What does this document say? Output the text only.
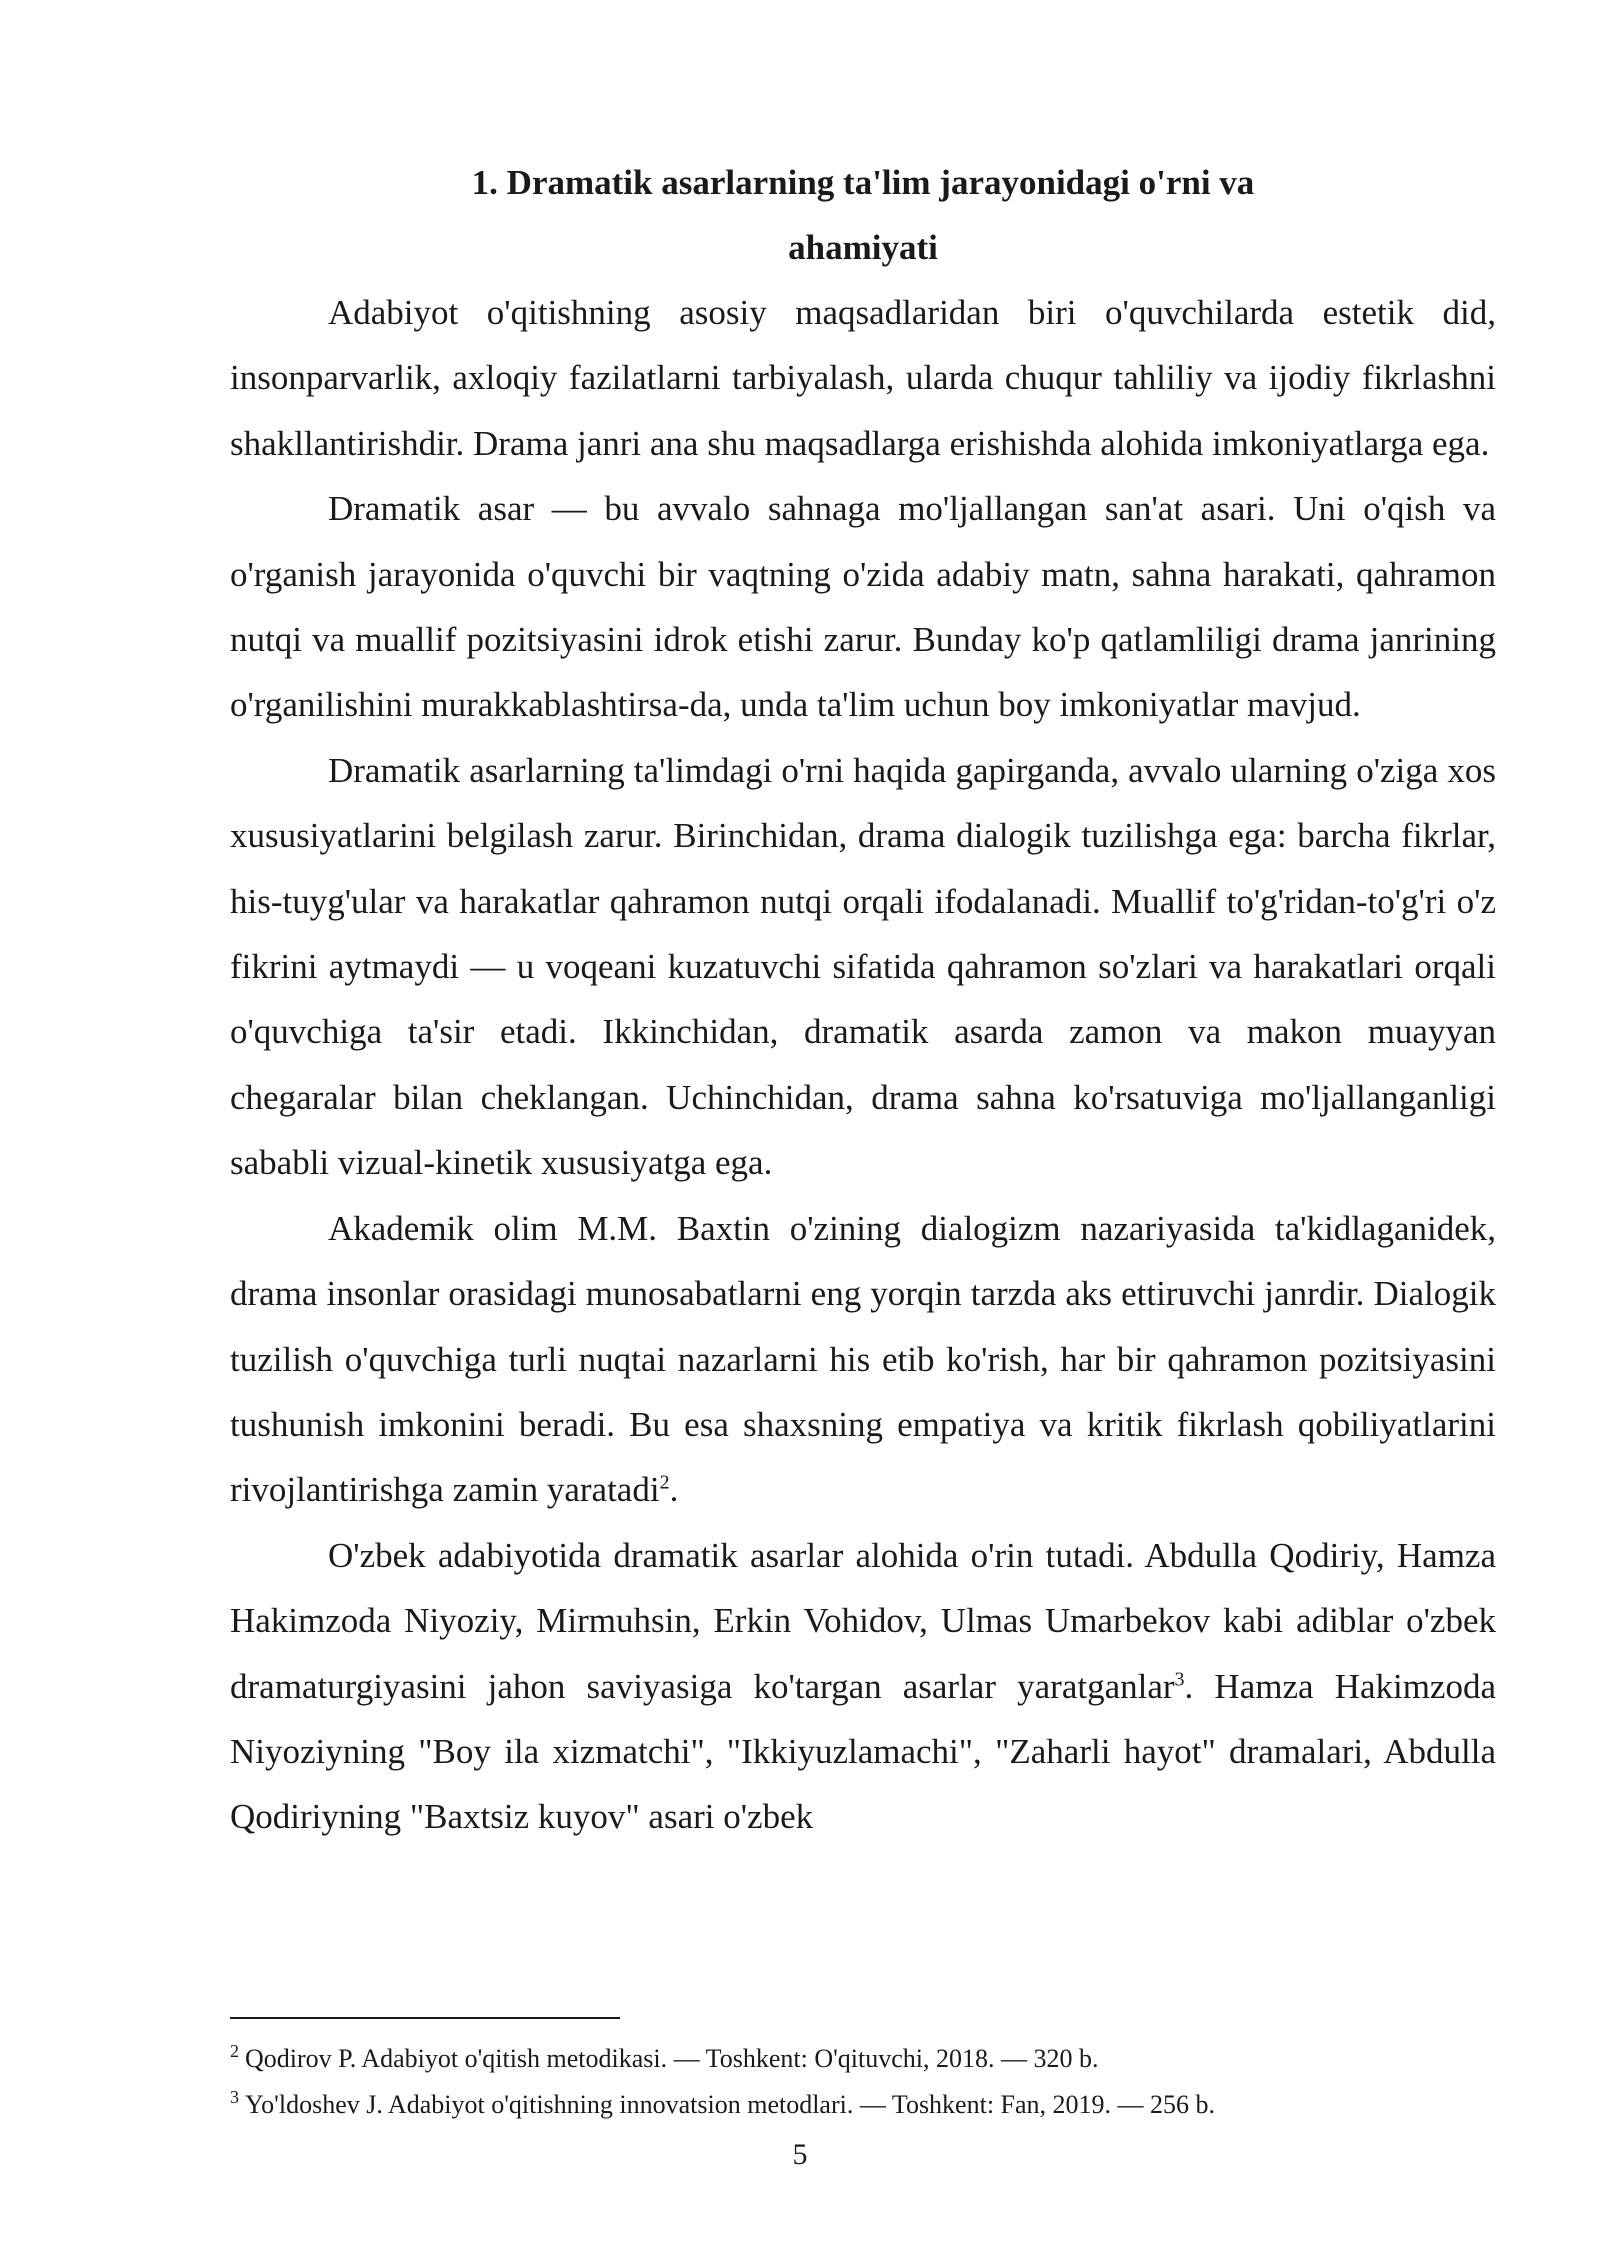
1. Dramatik asarlarning ta'lim jarayonidagi o'rni va
ahamiyati

Adabiyot o'qitishning asosiy maqsadlaridan biri o'quvchilarda estetik did, insonparvarlik, axloqiy fazilatlarni tarbiyalash, ularda chuqur tahliliy va ijodiy fikrlashni shakllantirishdir. Drama janri ana shu maqsadlarga erishishda alohida imkoniyatlarga ega.

Dramatik asar — bu avvalo sahnaga mo'ljallangan san'at asari. Uni o'qish va o'rganish jarayonida o'quvchi bir vaqtning o'zida adabiy matn, sahna harakati, qahramon nutqi va muallif pozitsiyasini idrok etishi zarur. Bunday ko'p qatlamliligi drama janrining o'rganilishini murakkablashtirsa-da, unda ta'lim uchun boy imkoniyatlar mavjud.

Dramatik asarlarning ta'limdagi o'rni haqida gapirganda, avvalo ularning o'ziga xos xususiyatlarini belgilash zarur. Birinchidan, drama dialogik tuzilishga ega: barcha fikrlar, his-tuyg'ular va harakatlar qahramon nutqi orqali ifodalanadi. Muallif to'g'ridan-to'g'ri o'z fikrini aytmaydi — u voqeani kuzatuvchi sifatida qahramon so'zlari va harakatlari orqali o'quvchiga ta'sir etadi. Ikkinchidan, dramatik asarda zamon va makon muayyan chegaralar bilan cheklangan. Uchinchidan, drama sahna ko'rsatuviga mo'ljallanganligi sababli vizual-kinetik xususiyatga ega.

Akademik olim M.M. Baxtin o'zining dialogizm nazariyasida ta'kidlaganidek, drama insonlar orasidagi munosabatlarni eng yorqin tarzda aks ettiruvchi janrdir. Dialogik tuzilish o'quvchiga turli nuqtai nazarlarni his etib ko'rish, har bir qahramon pozitsiyasini tushunish imkonini beradi. Bu esa shaxsning empatiya va kritik fikrlash qobiliyatlarini rivojlantirishga zamin yaratadi$^2$.

O'zbek adabiyotida dramatik asarlar alohida o'rin tutadi. Abdulla Qodiriy, Hamza Hakimzoda Niyoziy, Mirmuhsin, Erkin Vohidov, Ulmas Umarbekov kabi adiblar o'zbek dramaturgiyasini jahon saviyasiga ko'targan asarlar yaratganlar$^3$. Hamza Hakimzoda Niyoziyning "Boy ila xizmatchi", "Ikkiyuzlamachi", "Zaharli hayot" dramalari, Abdulla Qodiriyning "Baxtsiz kuyov" asari o'zbek

$^2$ Qodirov P. Adabiyot o'qitish metodikasi. — Toshkent: O'qituvchi, 2018. — 320 b.

$^3$ Yo'ldoshev J. Adabiyot o'qitishning innovatsion metodlari. — Toshkent: Fan, 2019. — 256 b.

5
